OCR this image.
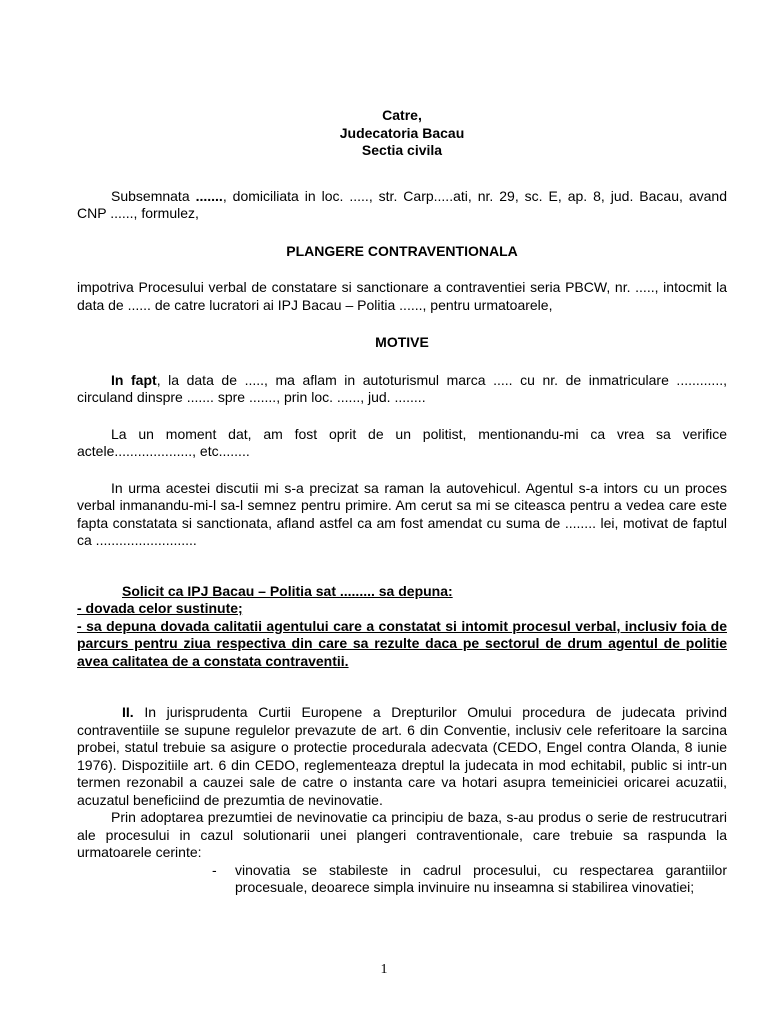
Catre,
Judecatoria Bacau
Sectia civila

Subsemnata ......., domiciliata in loc. ....., str. Carp.....ati, nr. 29, sc. E, ap. 8, jud. Bacau, avand CNP ......, formulez,

PLANGERE CONTRAVENTIONALA

impotriva Procesului verbal de constatare si sanctionare a contraventiei seria PBCW, nr. ....., intocmit la data de ...... de catre lucratori ai IPJ Bacau – Politia ......, pentru urmatoarele,

MOTIVE

In fapt, la data de ....., ma aflam in autoturismul marca ..... cu nr. de inmatriculare ............, circuland dinspre ....... spre ......., prin loc. ......, jud. ........

La un moment dat, am fost oprit de un politist, mentionandu-mi ca vrea sa verifice actele...................., etc........

In urma acestei discutii mi s-a precizat sa raman la autovehicul. Agentul s-a intors cu un proces verbal inmanandu-mi-l sa-l semnez pentru primire. Am cerut sa mi se citeasca pentru a vedea care este fapta constatata si sanctionata, afland astfel ca am fost amendat cu suma de ........ lei, motivat de faptul ca ..........................

Solicit ca IPJ Bacau – Politia sat ......... sa depuna:
- dovada celor sustinute;
- sa depuna dovada calitatii agentului care a constatat si intomit procesul verbal, inclusiv foia de parcurs pentru ziua respectiva din care sa rezulte daca pe sectorul de drum agentul de politie avea calitatea de a constata contraventii.

II. In jurisprudenta Curtii Europene a Drepturilor Omului procedura de judecata privind contraventiile se supune regulelor prevazute de art. 6 din Conventie, inclusiv cele referitoare la sarcina probei, statul trebuie sa asigure o protectie procedurala adecvata (CEDO, Engel contra Olanda, 8 iunie 1976). Dispozitiile art. 6 din CEDO, reglementeaza dreptul la judecata in mod echitabil, public si intr-un termen rezonabil a cauzei sale de catre o instanta care va hotari asupra temeiniciei oricarei acuzatii, acuzatul beneficiind de prezumtia de nevinovatie.

Prin adoptarea prezumtiei de nevinovatie ca principiu de baza, s-au produs o serie de restrucutrari ale procesului in cazul solutionarii unei plangeri contraventionale, care trebuie sa raspunda la urmatoarele cerinte:

-	vinovatia se stabileste in cadrul procesului, cu respectarea garantiilor procesuale, deoarece simpla invinuire nu inseamna si stabilirea vinovatiei;
1
